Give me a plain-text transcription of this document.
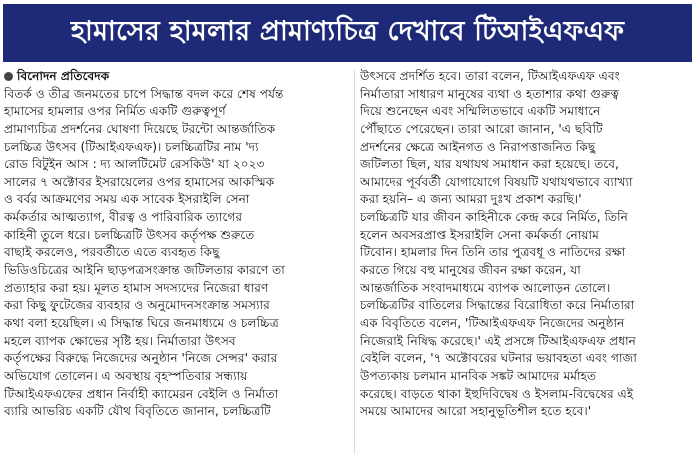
হামাসের হামলার প্রামাণ্যচিত্র দেখাবে টিআইএফএফ
বিনোদন প্রতিবেদক
বিতর্ক ও তীব্র জনমতের চাপে সিদ্ধান্ত বদল করে শেষ পর্যন্ত
হামাসের হামলার ওপর নির্মিত একটি গুরুত্বপূর্ণ
প্রামাণ্যচিত্র প্রদর্শনের ঘোষণা দিয়েছে টরন্টো আন্তর্জাতিক
চলচ্চিত্র উৎসব (টিআইএফএফ)। চলচ্চিত্রটির নাম 'দ্য
রোড বিটুইন আস : দ্য আলটিমেট রেসকিউ' যা ২০২৩
সালের ৭ অক্টোবর ইসরায়েলের ওপর হামাসের আকস্মিক
ও বর্বর আক্রমণের সময় এক সাবেক ইসরাইলি সেনা
কর্মকর্তার আত্মত্যাগ, বীরত্ব ও পারিবারিক ত্যাগের
কাহিনী তুলে ধরে। চলচ্চিত্রটি উৎসব কর্তৃপক্ষ শুরুতে
বাছাই করলেও, পরবর্তীতে এতে ব্যবহৃত কিছু
ভিডিওচিত্রের আইনি ছাড়পত্রসংক্রান্ত জটিলতার কারণে তা
প্রত্যাহার করা হয়। মূলত হামাস সদস্যদের নিজেরা ধারণ
করা কিছু ফুটেজের ব্যবহার ও অনুমোদনসংক্রান্ত সমস্যার
কথা বলা হয়েছিল। এ সিদ্ধান্ত ঘিরে জনমাধ্যমে ও চলচ্চিত্র
মহলে ব্যাপক ক্ষোভের সৃষ্টি হয়। নির্মাতারা উৎসব
কর্তৃপক্ষের বিরুদ্ধে নিজেদের অনুষ্ঠান 'নিজে সেন্সর' করার
অভিযোগ তোলেন। এ অবস্থায় বৃহস্পতিবার সন্ধ্যায়
টিআইএফএফের প্রধান নির্বাহী ক্যামেরন বেইলি ও নির্মাতা
ব্যারি আভরিচ একটি যৌথ বিবৃতিতে জানান, চলচ্চিত্রটি
উৎসবে প্রদর্শিত হবে। তারা বলেন, টিআইএফএফ এবং
নির্মাতারা সাধারণ মানুষের ব্যথা ও হতাশার কথা গুরুত্ব
দিয়ে শুনেছেন এবং সম্মিলিতভাবে একটি সমাধানে
পৌঁছাতে পেরেছেন। তারা আরো জানান, 'এ ছবিটি
প্রদর্শনের ক্ষেত্রে আইনগত ও নিরাপত্তাজনিত কিছু
জটিলতা ছিল, যার যথাযথ সমাধান করা হয়েছে। তবে,
আমাদের পূর্ববর্তী যোগাযোগে বিষয়টি যথাযথভাবে ব্যাখ্যা
করা হয়নি– এ জন্য আমরা দুঃখ প্রকাশ করছি।'
চলচ্চিত্রটি যার জীবন কাহিনীকে কেন্দ্র করে নির্মিত, তিনি
হলেন অবসরপ্রাপ্ত ইসরাইলি সেনা কর্মকর্তা নোয়াম
টিবোন। হামলার দিন তিনি তার পুত্রবধূ ও নাতিদের রক্ষা
করতে গিয়ে বহু মানুষের জীবন রক্ষা করেন, যা
আন্তর্জাতিক সংবাদমাধ্যমে ব্যাপক আলোড়ন তোলে।
চলচ্চিত্রটির বাতিলের সিদ্ধান্তের বিরোধিতা করে নির্মাতারা
এক বিবৃতিতে বলেন, 'টিআইএফএফ নিজেদের অনুষ্ঠান
নিজেরাই নিষিদ্ধ করেছে।' এই প্রসঙ্গে টিআইএফএফ প্রধান
বেইলি বলেন, '৭ অক্টোবরের ঘটনার ভয়াবহতা এবং গাজা
উপত্যকায় চলমান মানবিক সঙ্কট আমাদের মর্মাহত
করেছে। বাড়তে থাকা ইহুদিবিদ্বেষ ও ইসলাম-বিদ্বেষের এই
সময়ে আমাদের আরো সহানুভূতিশীল হতে হবে।'
